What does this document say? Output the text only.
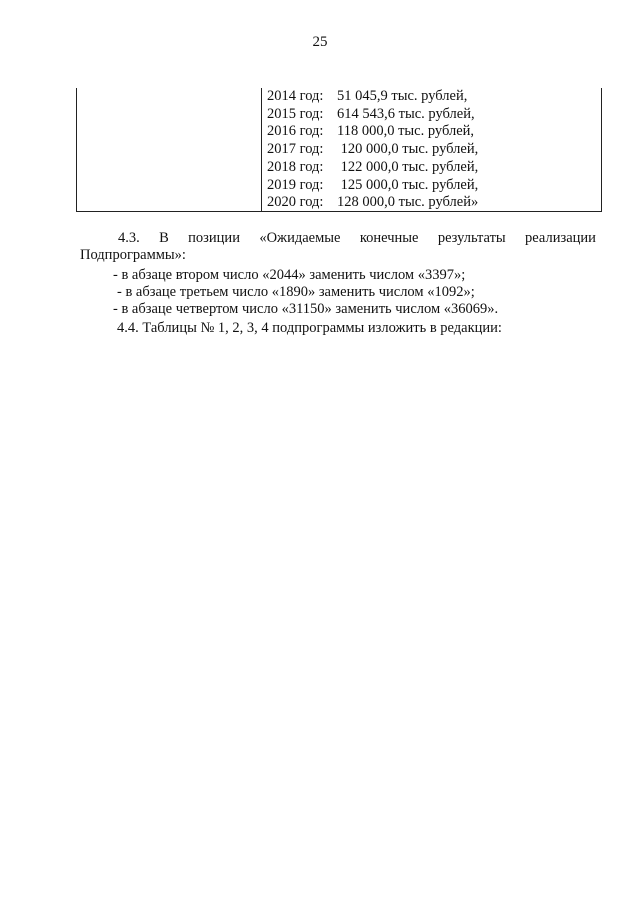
25
2014 год: 51 045,9 тыс. рублей,
2015 год: 614 543,6 тыс. рублей,
2016 год: 118 000,0 тыс. рублей,
2017 год: 120 000,0 тыс. рублей,
2018 год: 122 000,0 тыс. рублей,
2019 год: 125 000,0 тыс. рублей,
2020 год: 128 000,0 тыс. рублей»
4.3. В позиции «Ожидаемые конечные результаты реализации
Подпрограммы»:
- в абзаце втором число «2044» заменить числом «3397»;
- в абзаце третьем число «1890» заменить числом «1092»;
- в абзаце четвертом число «31150» заменить числом «36069».
4.4. Таблицы № 1, 2, 3, 4 подпрограммы изложить в редакции:
